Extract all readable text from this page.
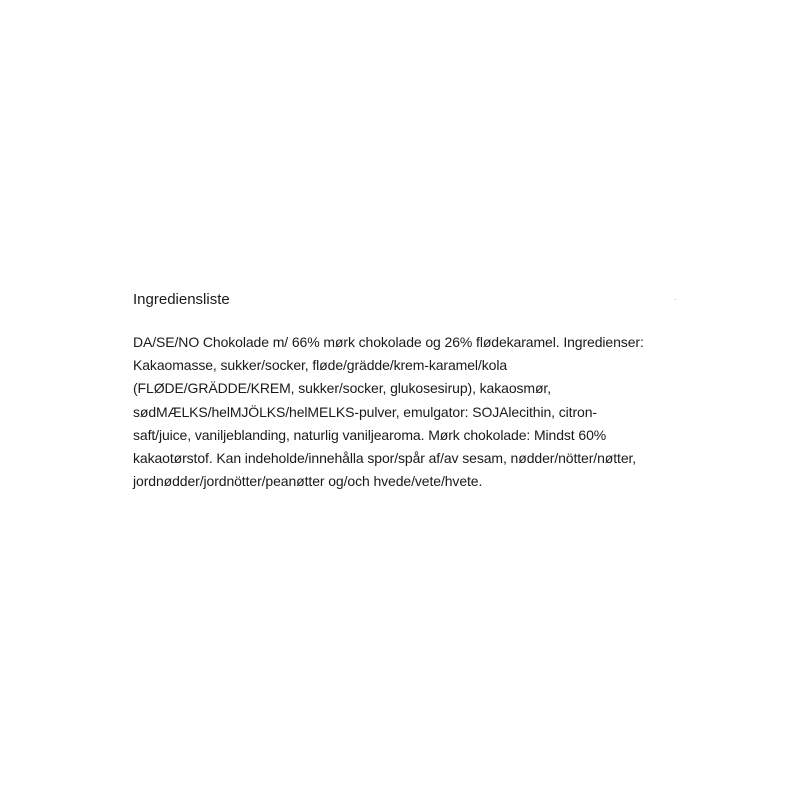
Ingrediensliste
DA/SE/NO Chokolade m/ 66% mørk chokolade og 26% flødekaramel. Ingredienser:
Kakaomasse, sukker/socker, fløde/grädde/krem-karamel/kola
(FLØDE/GRÄDDE/KREM, sukker/socker, glukosesirup), kakaosmør,
sødMÆLKS/helMJÖLKS/helMELKS-pulver, emulgator: SOJAlecithin, citron-
saft/juice, vaniljeblanding, naturlig vaniljearoma. Mørk chokolade: Mindst 60%
kakaotørstof. Kan indeholde/innehålla spor/spår af/av sesam, nødder/nötter/nøtter,
jordnødder/jordnötter/peanøtter og/och hvede/vete/hvete.
